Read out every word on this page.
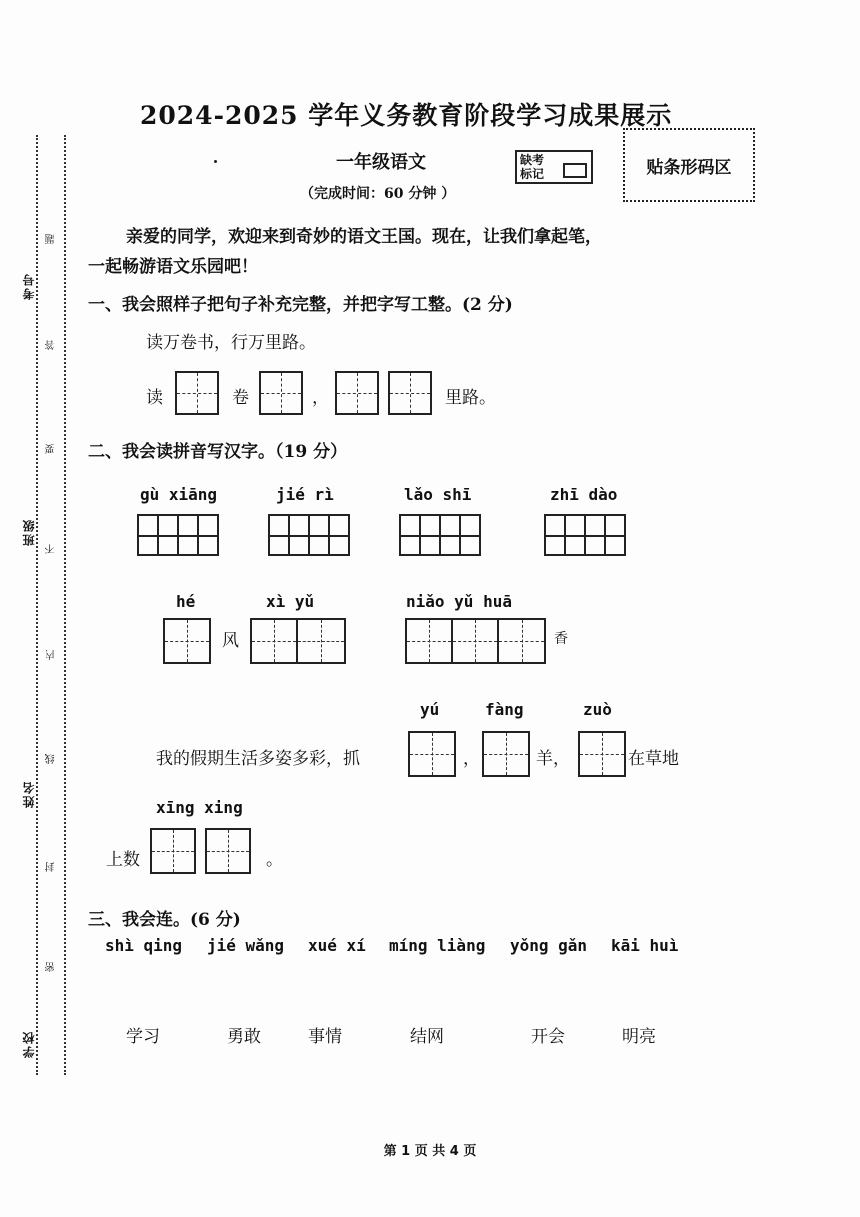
考号
班级
姓名
学校
题
答
要
不
内
线
封
密
2024-2025 学年义务教育阶段学习成果展示
一年级语文
（完成时间：60 分钟 ）
缺考标记	贴条形码区
亲爱的同学，欢迎来到奇妙的语文王国。现在，让我们拿起笔，
一起畅游语文乐园吧！
一、我会照样子把句子补充完整，并把字写工整。(2 分)
读万卷书，行万里路。
读	卷	，	里路。
二、我会读拼音写汉字。（19 分）
gù xiāng	jié rì	lǎo shī	zhī dào
hé	xì yǔ	niǎo yǔ huā
风	香
yú	fàng	zuò
我的假期生活多姿多彩，抓	，	羊，	在草地
xīng xing
上数	。
三、我会连。(6 分)
shì qing jié wǎng xué xí míng liàng yǒng gǎn kāi huì
学习	勇敢	事情	结网	开会	明亮
第 1 页 共 4 页
